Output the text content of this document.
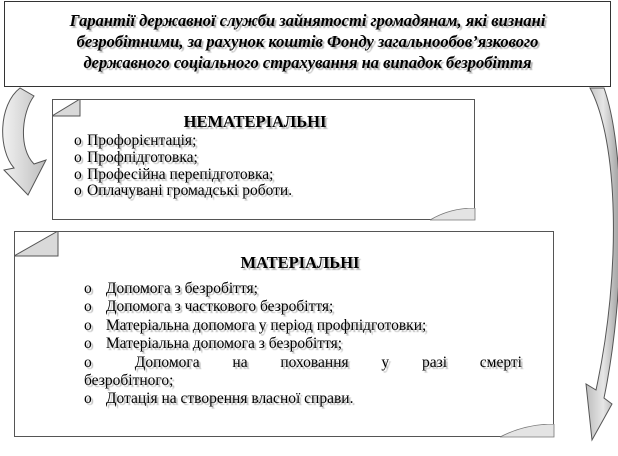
Гарантії державної служби зайнятості громадянам, які визнані
безробітними, за рахунок коштів Фонду загальнообов’язкового
державного соціального страхування на випадок безробіття
НЕМАТЕРІАЛЬНІ
o Профорієнтація;
o Профпідготовка;
o Професійна перепідготовка;
o Оплачувані громадські роботи.
МАТЕРІАЛЬНІ
o Допомога з безробіття;
o Допомога з часткового безробіття;
o Матеріальна допомога у період профпідготовки;
o Матеріальна допомога з безробіття;
o	Допомога на поховання у разі смерті
безробітного;
o Дотація на створення власної справи.
